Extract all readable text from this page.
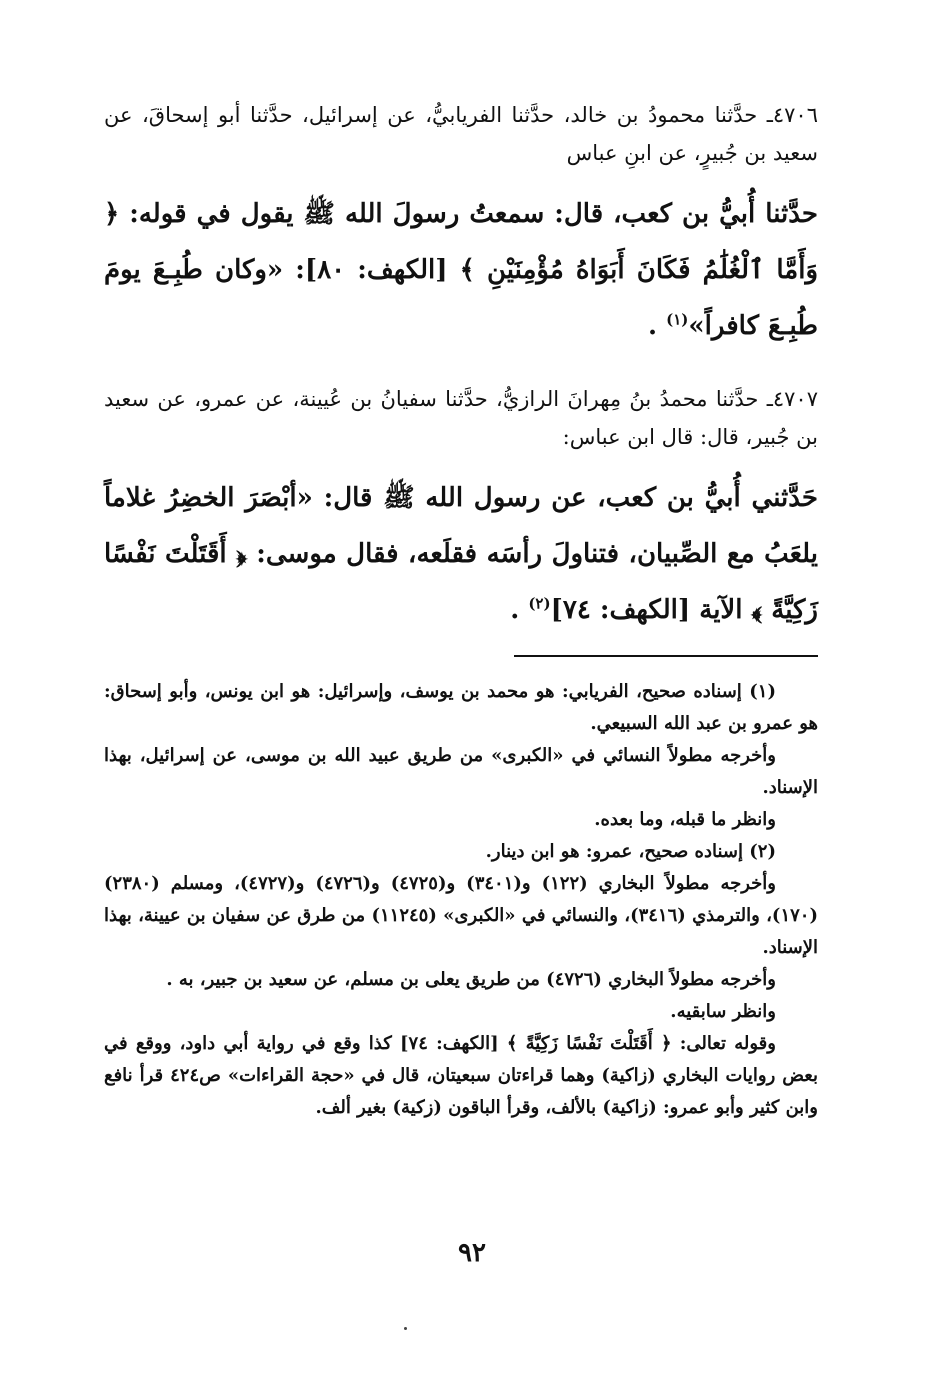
٤٧٠٦ـ حدَّثنا محمودُ بن خالد، حدَّثنا الفريابيُّ، عن إسرائيل، حدَّثنا أبو إسحاقَ، عن سعيد بن جُبيرٍ، عن ابنِ عباس

حدَّثنا أُبيُّ بن كعب، قال: سمعتُ رسولَ الله ﷺ يقول في قوله: ﴿ وَأَمَّا ٱلْغُلَٰمُ فَكَانَ أَبَوَاهُ مُؤْمِنَيْنِ ﴾ [الكهف: ٨٠]: «وكان طُبِـعَ يومَ طُبِـعَ كافراً»$^{(١)}$ .

٤٧٠٧ـ حدَّثنا محمدُ بنُ مِهرانَ الرازيُّ، حدَّثنا سفيانُ بن عُيينة، عن عمرو، عن سعيد بن جُبير، قال: قال ابن عباس:

حَدَّثني أُبيُّ بن كعب، عن رسول الله ﷺ قال: «أبْصَرَ الخضِرُ غلاماً يلعَبُ مع الصِّبيان، فتناولَ رأسَه فقلَعه، فقال موسى: ﴿ أَقَتَلْتَ نَفْسًا زَكِيَّةً ﴾ الآية [الكهف: ٧٤]$^{(٢)}$ .

(١) إسناده صحيح، الفريابي: هو محمد بن يوسف، وإسرائيل: هو ابن يونس، وأبو إسحاق: هو عمرو بن عبد الله السبيعي.

وأخرجه مطولاً النسائي في «الكبرى» من طريق عبيد الله بن موسى، عن إسرائيل، بهذا الإسناد.

وانظر ما قبله، وما بعده.

(٢) إسناده صحيح، عمرو: هو ابن دينار.

وأخرجه مطولاً البخاري (١٢٢) و(٣٤٠١) و(٤٧٢٥) و(٤٧٢٦) و(٤٧٢٧)، ومسلم (٢٣٨٠) (١٧٠)، والترمذي (٣٤١٦)، والنسائي في «الكبرى» (١١٢٤٥) من طرق عن سفيان بن عيينة، بهذا الإسناد.

وأخرجه مطولاً البخاري (٤٧٢٦) من طريق يعلى بن مسلم، عن سعيد بن جبير، به .

وانظر سابقيه.

وقوله تعالى: ﴿ أَقَتَلْتَ نَفْسًا زَكِيَّةً ﴾ [الكهف: ٧٤] كذا وقع في رواية أبي داود، ووقع في بعض روايات البخاري (زاكية) وهما قراءتان سبعيتان، قال في «حجة القراءات» ص٤٢٤ قرأ نافع وابن كثير وأبو عمرو: (زاكية) بالألف، وقرأ الباقون (زكية) بغير ألف.

٩٢
